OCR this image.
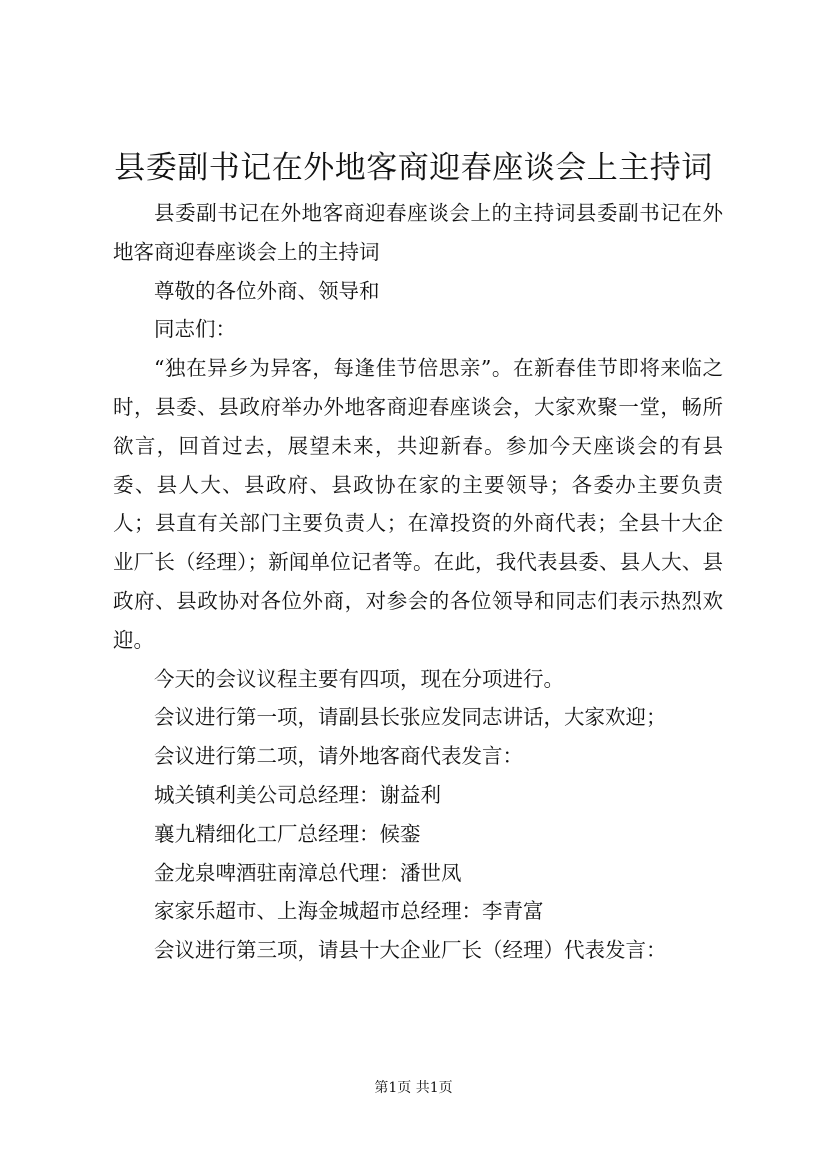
县委副书记在外地客商迎春座谈会上主持词

县委副书记在外地客商迎春座谈会上的主持词县委副书记在外地客商迎春座谈会上的主持词

尊敬的各位外商、领导和

同志们：

“独在异乡为异客，每逢佳节倍思亲”。在新春佳节即将来临之时，县委、县政府举办外地客商迎春座谈会，大家欢聚一堂，畅所欲言，回首过去，展望未来，共迎新春。参加今天座谈会的有县委、县人大、县政府、县政协在家的主要领导；各委办主要负责人；县直有关部门主要负责人；在漳投资的外商代表；全县十大企业厂长（经理）；新闻单位记者等。在此，我代表县委、县人大、县政府、县政协对各位外商，对参会的各位领导和同志们表示热烈欢迎。

今天的会议议程主要有四项，现在分项进行。

会议进行第一项，请副县长张应发同志讲话，大家欢迎；

会议进行第二项，请外地客商代表发言：

城关镇利美公司总经理：谢益利

襄九精细化工厂总经理：候銮

金龙泉啤酒驻南漳总代理：潘世凤

家家乐超市、上海金城超市总经理：李青富

会议进行第三项，请县十大企业厂长（经理）代表发言：

第1页 共1页
